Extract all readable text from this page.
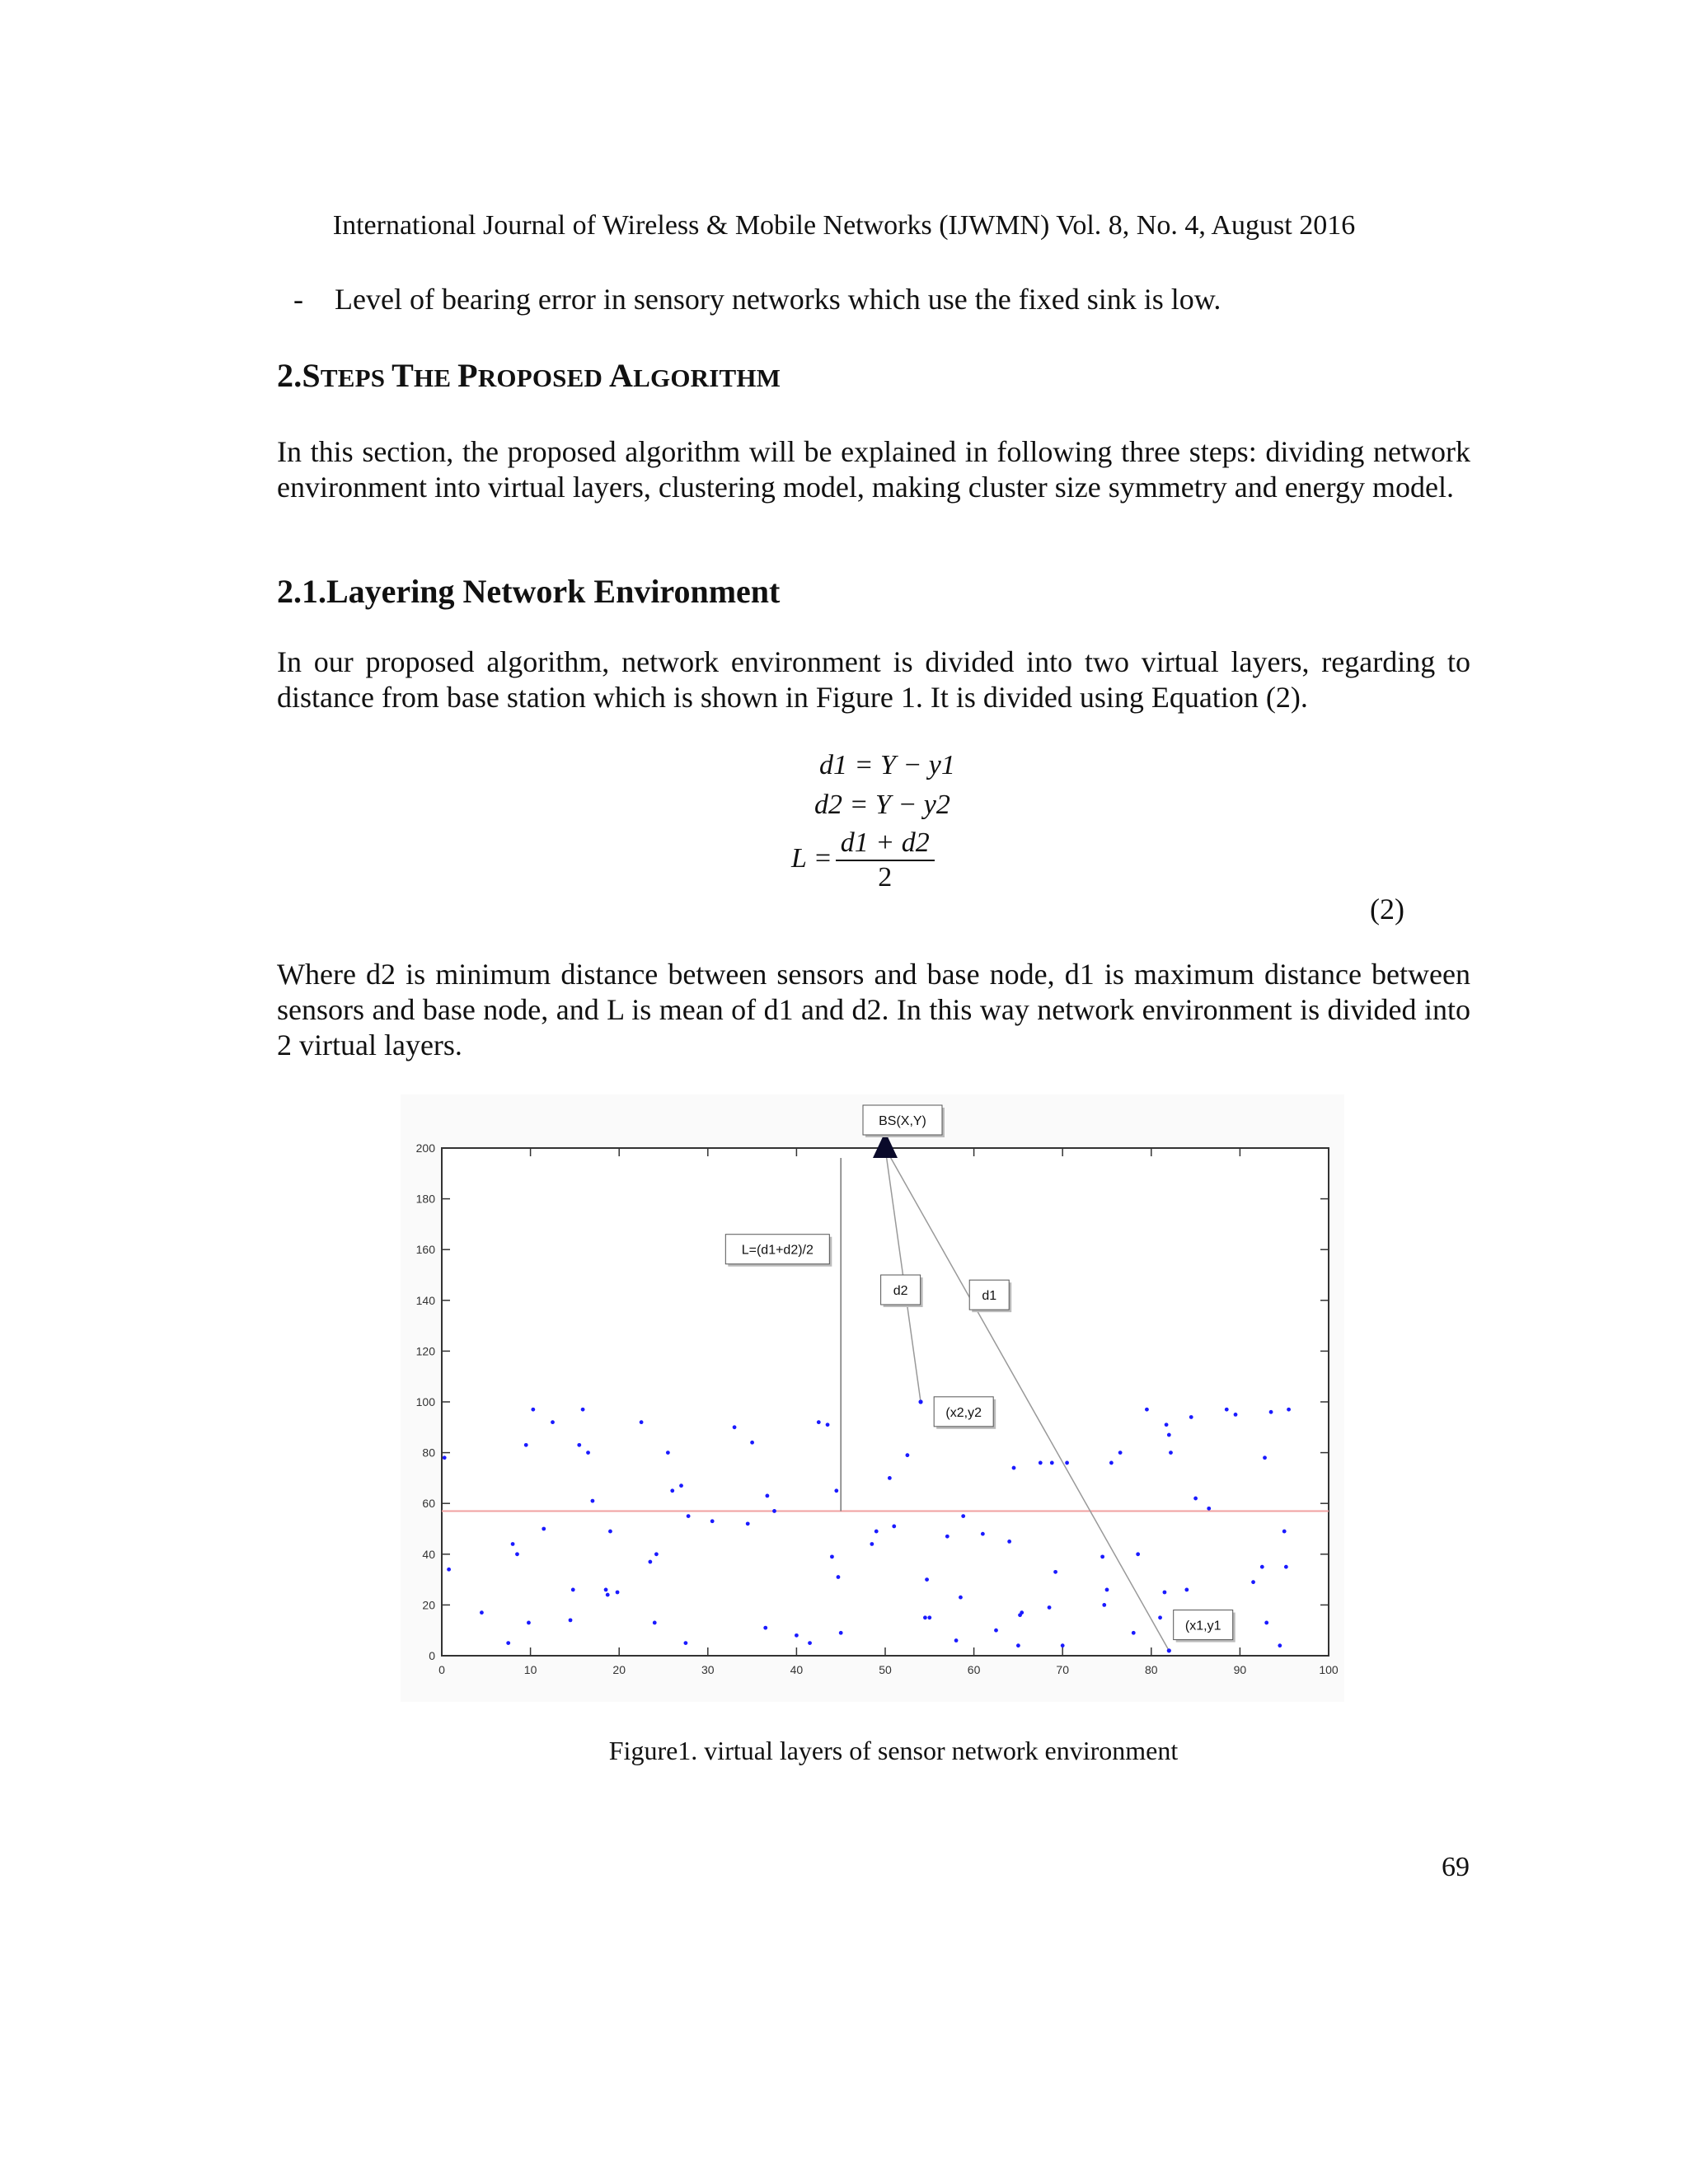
International Journal of Wireless & Mobile Networks (IJWMN) Vol. 8, No. 4, August 2016
- Level of bearing error in sensory networks which use the fixed sink is low.
2.STEPS THE PROPOSED ALGORITHM
In this section, the proposed algorithm will be explained in following three steps: dividing network environment into virtual layers, clustering model, making cluster size symmetry and energy model.
2.1.Layering Network Environment
In our proposed algorithm, network environment is divided into two virtual layers, regarding to distance from base station which is shown in Figure 1. It is divided using Equation (2).
d1 = Y − y1
d2 = Y − y2
$L = \frac{d1 + d2}{2}$
(2)
Where d2 is minimum distance between sensors and base node, d1 is maximum distance between sensors and base node, and L is mean of d1 and d2. In this way network environment is divided into 2 virtual layers.
0	10	20	30	40	50	60	70	80	90	100
0
20
40
60
80
100
120
140
160
180
200
BS(X,Y)
L=(d1+d2)/2
d2	d1
(x2,y2
(x1,y1
Figure1. virtual layers of sensor network environment
69
